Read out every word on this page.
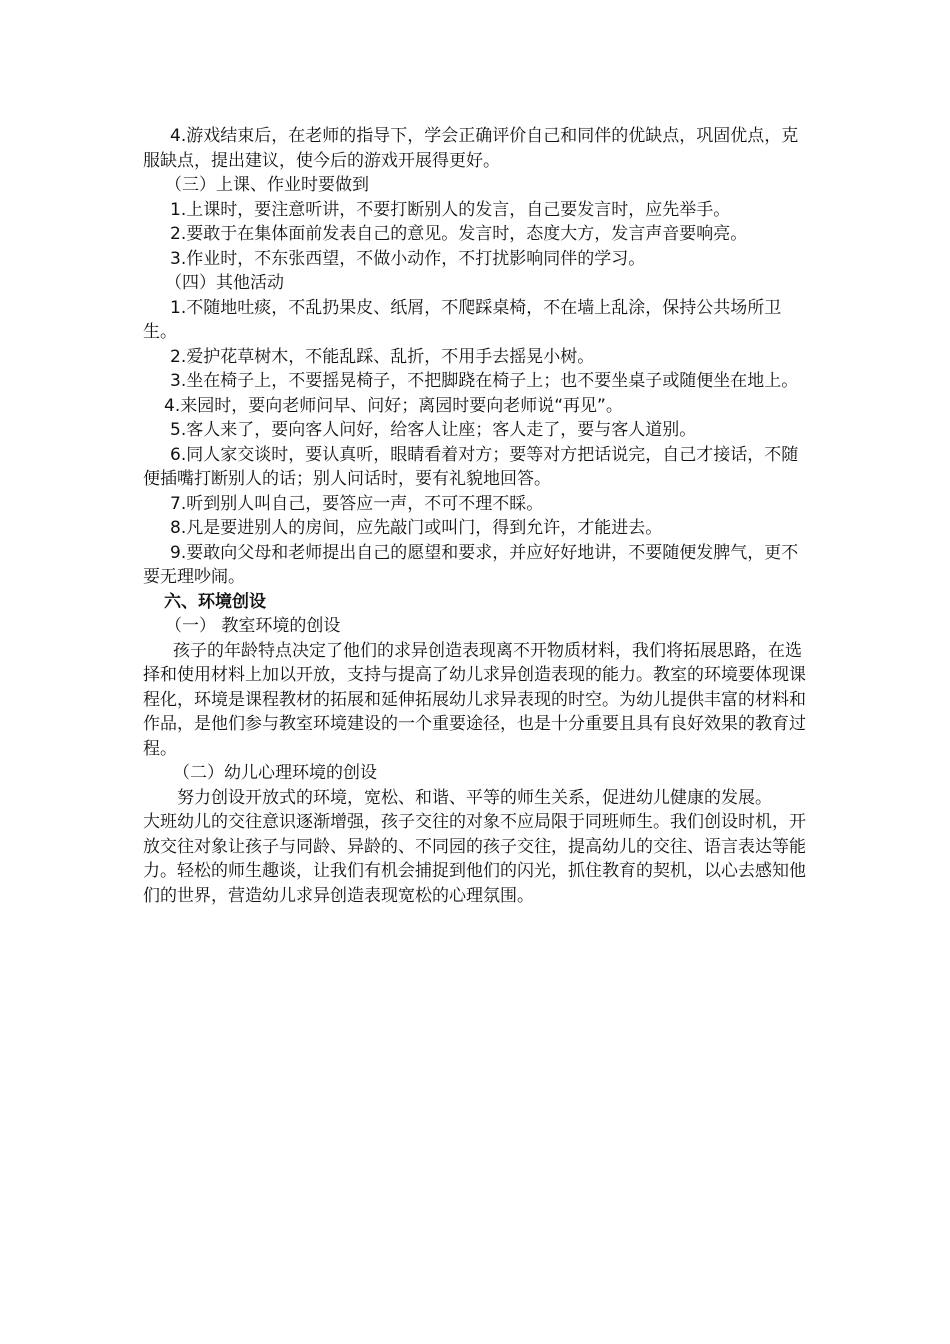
4.游戏结束后，在老师的指导下，学会正确评价自己和同伴的优缺点，巩固优点，克服缺点，提出建议，使今后的游戏开展得更好。

（三）上课、作业时要做到

1.上课时，要注意听讲，不要打断别人的发言，自己要发言时，应先举手。

2.要敢于在集体面前发表自己的意见。发言时，态度大方，发言声音要响亮。

3.作业时，不东张西望，不做小动作，不打扰影响同伴的学习。

（四）其他活动

1.不随地吐痰，不乱扔果皮、纸屑，不爬踩桌椅，不在墙上乱涂，保持公共场所卫生。

2.爱护花草树木，不能乱踩、乱折，不用手去摇晃小树。

3.坐在椅子上，不要摇晃椅子，不把脚跷在椅子上；也不要坐桌子或随便坐在地上。

4.来园时，要向老师问早、问好；离园时要向老师说“再见”。

5.客人来了，要向客人问好，给客人让座；客人走了，要与客人道别。

6.同人家交谈时，要认真听，眼睛看着对方；要等对方把话说完，自己才接话，不随便插嘴打断别人的话；别人问话时，要有礼貌地回答。

7.听到别人叫自己，要答应一声，不可不理不睬。

8.凡是要进别人的房间，应先敲门或叫门，得到允许，才能进去。

9.要敢向父母和老师提出自己的愿望和要求，并应好好地讲，不要随便发脾气，更不要无理吵闹。

六、环境创设

（一） 教室环境的创设

孩子的年龄特点决定了他们的求异创造表现离不开物质材料，我们将拓展思路，在选择和使用材料上加以开放，支持与提高了幼儿求异创造表现的能力。教室的环境要体现课程化，环境是课程教材的拓展和延伸拓展幼儿求异表现的时空。为幼儿提供丰富的材料和作品，是他们参与教室环境建设的一个重要途径，也是十分重要且具有良好效果的教育过程。

（二）幼儿心理环境的创设

努力创设开放式的环境，宽松、和谐、平等的师生关系，促进幼儿健康的发展。

大班幼儿的交往意识逐渐增强，孩子交往的对象不应局限于同班师生。我们创设时机，开放交往对象让孩子与同龄、异龄的、不同园的孩子交往，提高幼儿的交往、语言表达等能力。轻松的师生趣谈，让我们有机会捕捉到他们的闪光，抓住教育的契机，以心去感知他们的世界，营造幼儿求异创造表现宽松的心理氛围。
